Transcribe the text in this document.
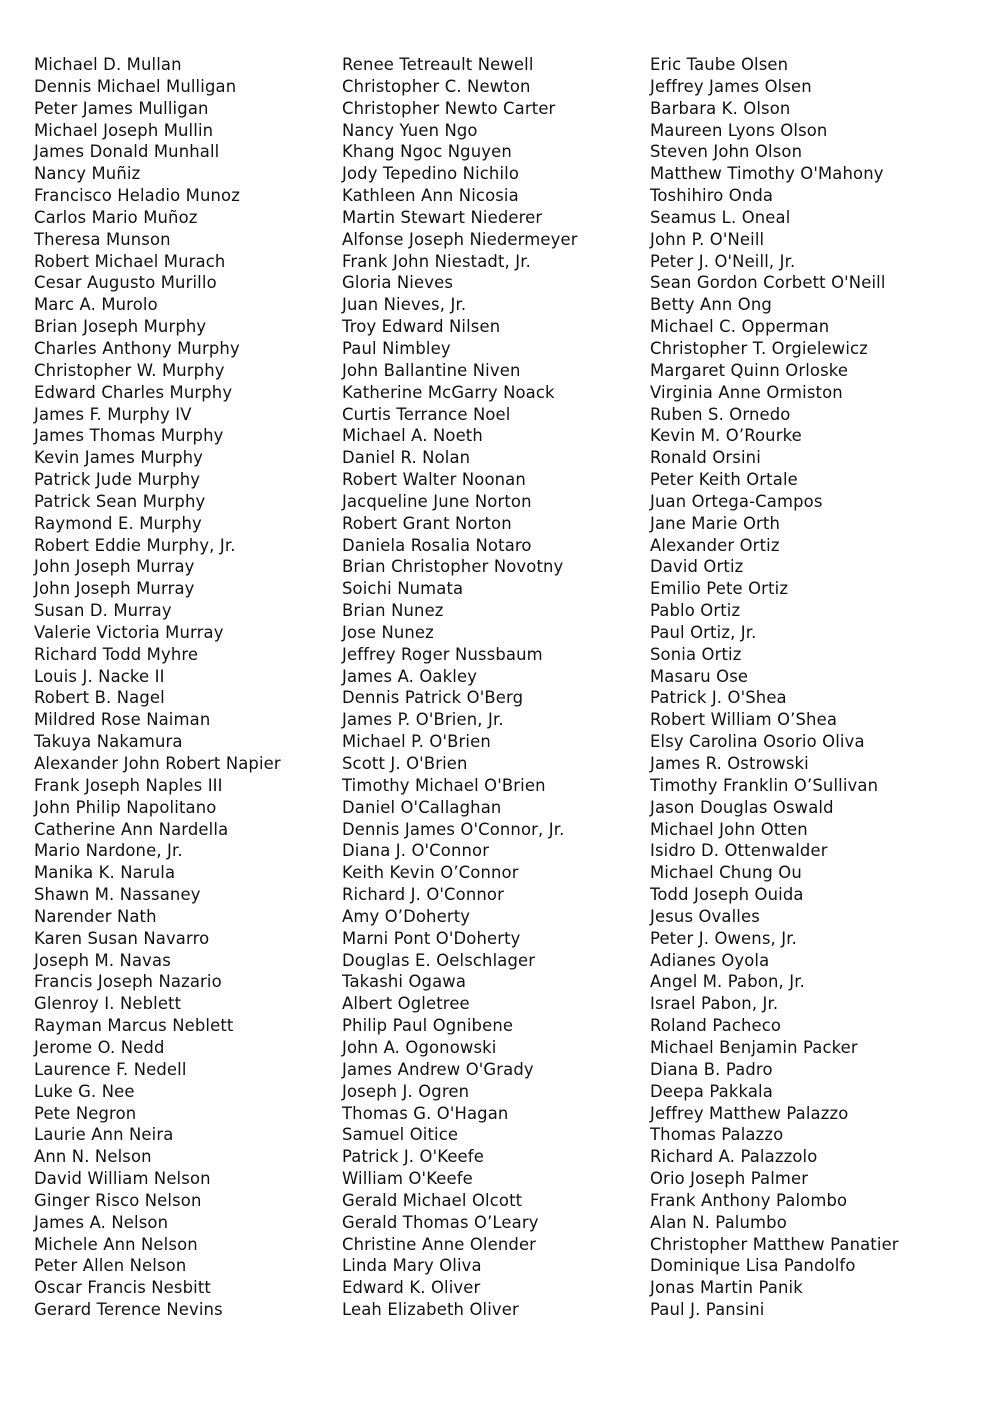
Michael D. Mullan
Dennis Michael Mulligan
Peter James Mulligan
Michael Joseph Mullin
James Donald Munhall
Nancy Muñiz
Francisco Heladio Munoz
Carlos Mario Muñoz
Theresa Munson
Robert Michael Murach
Cesar Augusto Murillo
Marc A. Murolo
Brian Joseph Murphy
Charles Anthony Murphy
Christopher W. Murphy
Edward Charles Murphy
James F. Murphy IV
James Thomas Murphy
Kevin James Murphy
Patrick Jude Murphy
Patrick Sean Murphy
Raymond E. Murphy
Robert Eddie Murphy, Jr.
John Joseph Murray
John Joseph Murray
Susan D. Murray
Valerie Victoria Murray
Richard Todd Myhre
Louis J. Nacke II
Robert B. Nagel
Mildred Rose Naiman
Takuya Nakamura
Alexander John Robert Napier
Frank Joseph Naples III
John Philip Napolitano
Catherine Ann Nardella
Mario Nardone, Jr.
Manika K. Narula
Shawn M. Nassaney
Narender Nath
Karen Susan Navarro
Joseph M. Navas
Francis Joseph Nazario
Glenroy I. Neblett
Rayman Marcus Neblett
Jerome O. Nedd
Laurence F. Nedell
Luke G. Nee
Pete Negron
Laurie Ann Neira
Ann N. Nelson
David William Nelson
Ginger Risco Nelson
James A. Nelson
Michele Ann Nelson
Peter Allen Nelson
Oscar Francis Nesbitt
Gerard Terence Nevins
Renee Tetreault Newell
Christopher C. Newton
Christopher Newto Carter
Nancy Yuen Ngo
Khang Ngoc Nguyen
Jody Tepedino Nichilo
Kathleen Ann Nicosia
Martin Stewart Niederer
Alfonse Joseph Niedermeyer
Frank John Niestadt, Jr.
Gloria Nieves
Juan Nieves, Jr.
Troy Edward Nilsen
Paul Nimbley
John Ballantine Niven
Katherine McGarry Noack
Curtis Terrance Noel
Michael A. Noeth
Daniel R. Nolan
Robert Walter Noonan
Jacqueline June Norton
Robert Grant Norton
Daniela Rosalia Notaro
Brian Christopher Novotny
Soichi Numata
Brian Nunez
Jose Nunez
Jeffrey Roger Nussbaum
James A. Oakley
Dennis Patrick O'Berg
James P. O'Brien, Jr.
Michael P. O'Brien
Scott J. O'Brien
Timothy Michael O'Brien
Daniel O'Callaghan
Dennis James O'Connor, Jr.
Diana J. O'Connor
Keith Kevin O’Connor
Richard J. O'Connor
Amy O’Doherty
Marni Pont O'Doherty
Douglas E. Oelschlager
Takashi Ogawa
Albert Ogletree
Philip Paul Ognibene
John A. Ogonowski
James Andrew O'Grady
Joseph J. Ogren
Thomas G. O'Hagan
Samuel Oitice
Patrick J. O'Keefe
William O'Keefe
Gerald Michael Olcott
Gerald Thomas O’Leary
Christine Anne Olender
Linda Mary Oliva
Edward K. Oliver
Leah Elizabeth Oliver
Eric Taube Olsen
Jeffrey James Olsen
Barbara K. Olson
Maureen Lyons Olson
Steven John Olson
Matthew Timothy O'Mahony
Toshihiro Onda
Seamus L. Oneal
John P. O'Neill
Peter J. O'Neill, Jr.
Sean Gordon Corbett O'Neill
Betty Ann Ong
Michael C. Opperman
Christopher T. Orgielewicz
Margaret Quinn Orloske
Virginia Anne Ormiston
Ruben S. Ornedo
Kevin M. O’Rourke
Ronald Orsini
Peter Keith Ortale
Juan Ortega-Campos
Jane Marie Orth
Alexander Ortiz
David Ortiz
Emilio Pete Ortiz
Pablo Ortiz
Paul Ortiz, Jr.
Sonia Ortiz
Masaru Ose
Patrick J. O'Shea
Robert William O’Shea
Elsy Carolina Osorio Oliva
James R. Ostrowski
Timothy Franklin O’Sullivan
Jason Douglas Oswald
Michael John Otten
Isidro D. Ottenwalder
Michael Chung Ou
Todd Joseph Ouida
Jesus Ovalles
Peter J. Owens, Jr.
Adianes Oyola
Angel M. Pabon, Jr.
Israel Pabon, Jr.
Roland Pacheco
Michael Benjamin Packer
Diana B. Padro
Deepa Pakkala
Jeffrey Matthew Palazzo
Thomas Palazzo
Richard A. Palazzolo
Orio Joseph Palmer
Frank Anthony Palombo
Alan N. Palumbo
Christopher Matthew Panatier
Dominique Lisa Pandolfo
Jonas Martin Panik
Paul J. Pansini
